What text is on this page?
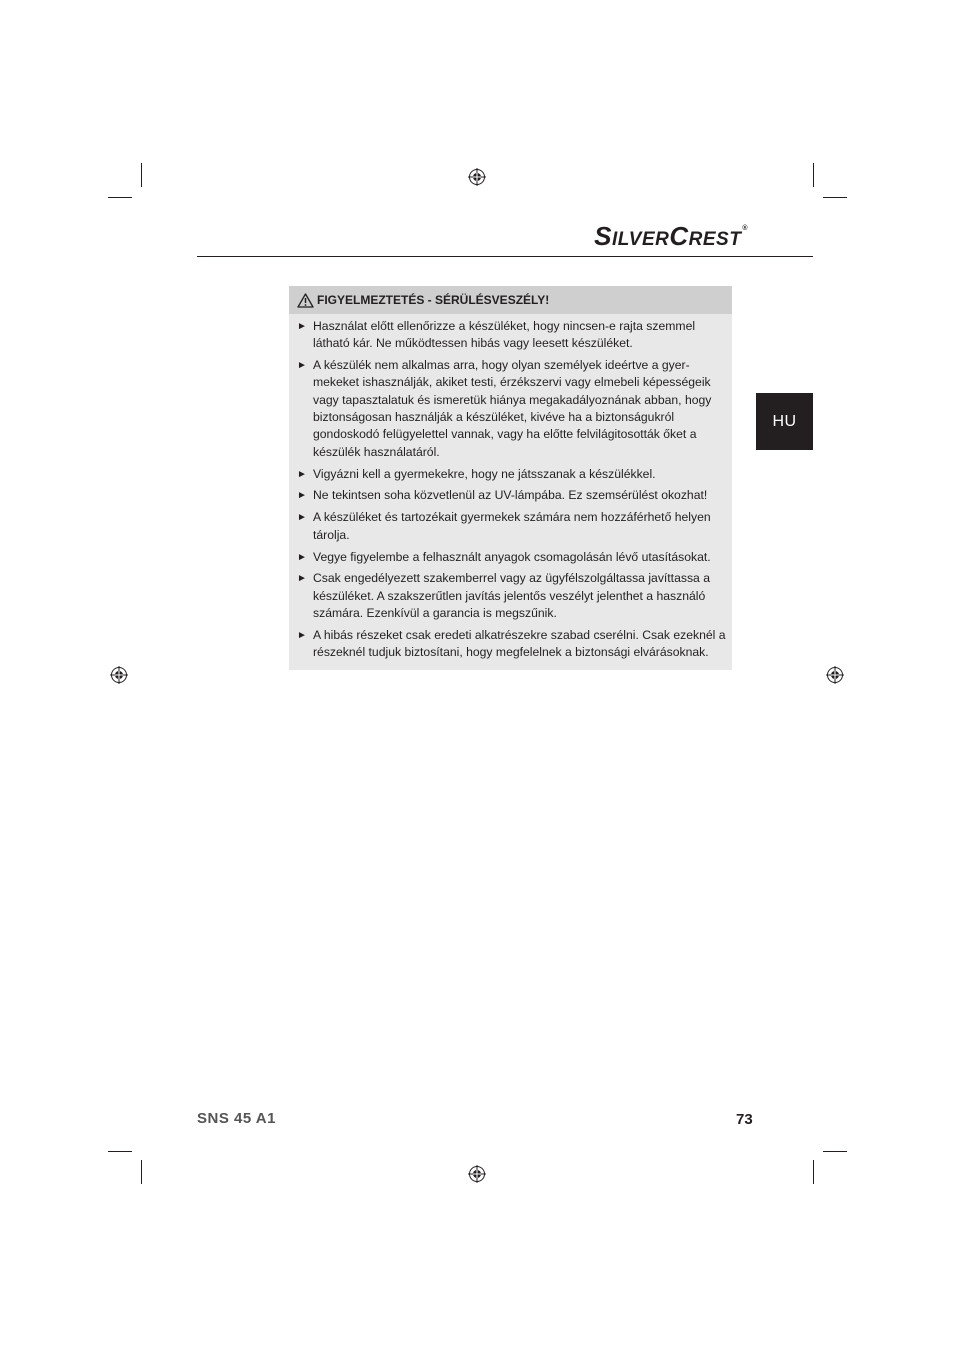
SILVERCREST®
HU
FIGYELMEZTETÉS - SÉRÜLÉSVESZÉLY!
► Használat előtt ellenőrizze a készüléket, hogy nincsen-e rajta szemmel látható kár. Ne működtessen hibás vagy leesett készüléket.
► A készülék nem alkalmas arra, hogy olyan személyek ideértve a gyermekeket ishasználják, akiket testi, érzékszervi vagy elmebeli képességeik vagy tapasztalatuk és ismeretük hiánya megakadályoznának abban, hogy biztonságosan használják a készüléket, kivéve ha a biztonságukról gondoskodó felügyelettel vannak, vagy ha előtte felvilágitosották őket a készülék használatáról.
► Vigyázni kell a gyermekekre, hogy ne játsszanak a készülékkel.
► Ne tekintsen soha közvetlenül az UV-lámpába. Ez szemsérülést okozhat!
► A készüléket és tartozékait gyermekek számára nem hozzáférhető helyen tárolja.
► Vegye figyelembe a felhasznált anyagok csomagolásán lévő utasításokat.
► Csak engedélyezett szakemberrel vagy az ügyfélszolgáltassa javíttassa a készüléket. A szakszerűtlen javítás jelentős veszélyt jelenthet a használó számára. Ezenkívül a garancia is megszűnik.
► A hibás részeket csak eredeti alkatrészekre szabad cserélni. Csak ezeknél a részeknél tudjuk biztosítani, hogy megfelelnek a biztonsági elvárásoknak.
SNS 45 A1	73
